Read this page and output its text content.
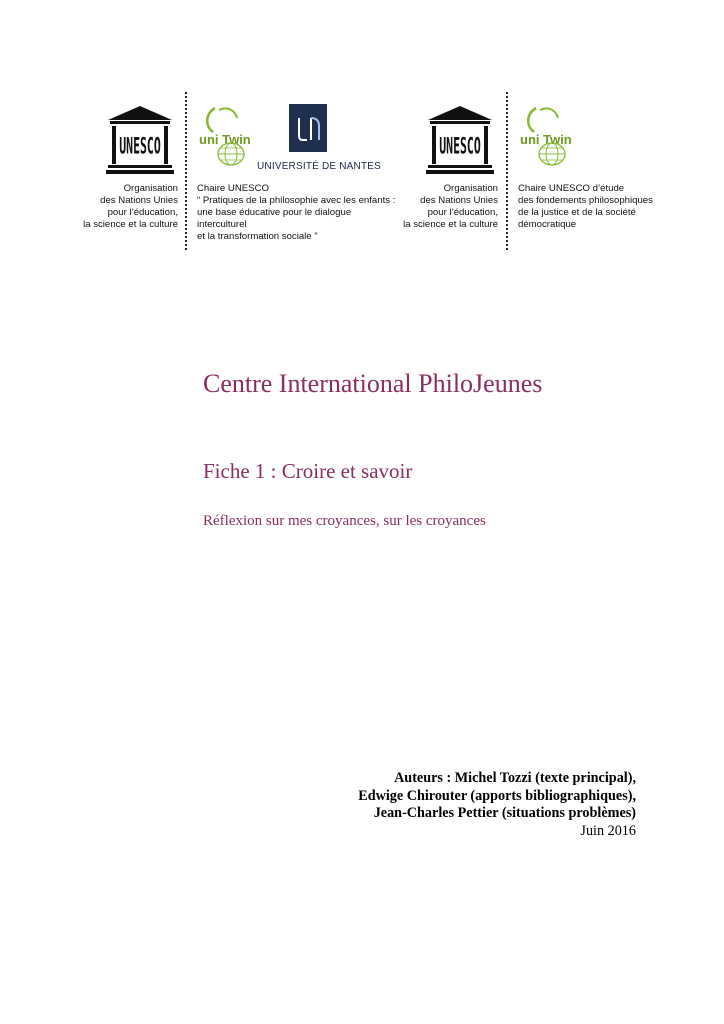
UNESCO
Organisation
des Nations Unies
pour l’éducation,
la science et la culture
uni Twin
UNIVERSITÉ DE NANTES
Chaire UNESCO
“ Pratiques de la philosophie avec les enfants :
une base éducative pour le dialogue interculturel
et la transformation sociale ”
UNESCO
Organisation
des Nations Unies
pour l’éducation,
la science et la culture
uni Twin
Chaire UNESCO d’étude
des fondements philosophiques
de la justice et de la société
démocratique
Centre International PhiloJeunes
Fiche 1 : Croire et savoir
Réflexion sur mes croyances, sur les croyances
Auteurs : Michel Tozzi (texte principal),
Edwige Chirouter (apports bibliographiques),
Jean-Charles Pettier (situations problèmes)
Juin 2016
